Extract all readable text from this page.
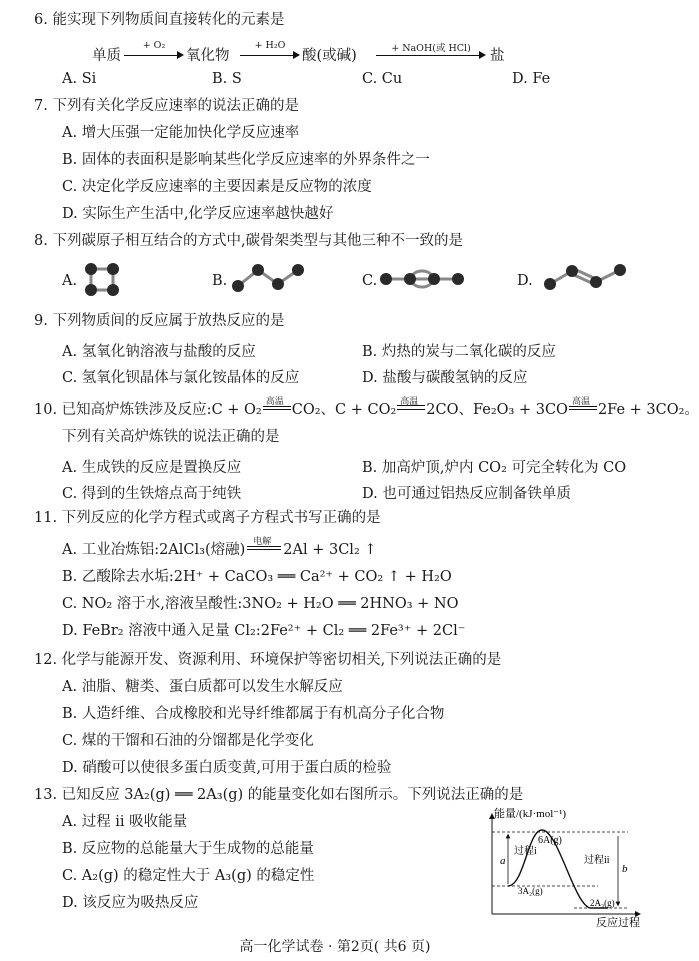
6. 能实现下列物质间直接转化的元素是
单质
+ O₂
氧化物
+ H₂O
酸(或碱)	+ NaOH(或 HCl)	盐
A. Si	B. S	C. Cu	D. Fe
7. 下列有关化学反应速率的说法正确的是
A. 增大压强一定能加快化学反应速率
B. 固体的表面积是影响某些化学反应速率的外界条件之一
C. 决定化学反应速率的主要因素是反应物的浓度
D. 实际生产生活中,化学反应速率越快越好
8. 下列碳原子相互结合的方式中,碳骨架类型与其他三种不一致的是
A.	B.	C.	D.
9. 下列物质间的反应属于放热反应的是
A. 氢氧化钠溶液与盐酸的反应	B. 灼热的炭与二氧化碳的反应
C. 氢氧化钡晶体与氯化铵晶体的反应	D. 盐酸与碳酸氢钠的反应
10. 已知高炉炼铁涉及反应:C + O₂ 高温 CO₂、C + CO₂ 高温 2CO、Fe₂O₃ + 3CO 高温 2Fe + 3CO₂。
下列有关高炉炼铁的说法正确的是
A. 生成铁的反应是置换反应	B. 加高炉顶,炉内 CO₂ 可完全转化为 CO
C. 得到的生铁熔点高于纯铁	D. 也可通过铝热反应制备铁单质
11. 下列反应的化学方程式或离子方程式书写正确的是
A. 工业冶炼铝:2AlCl₃(熔融) 电解 2Al + 3Cl₂ ↑
B. 乙酸除去水垢:2H⁺ + CaCO₃ ══ Ca²⁺ + CO₂ ↑ + H₂O
C. NO₂ 溶于水,溶液呈酸性:3NO₂ + H₂O ══ 2HNO₃ + NO
D. FeBr₂ 溶液中通入足量 Cl₂:2Fe²⁺ + Cl₂ ══ 2Fe³⁺ + 2Cl⁻
12. 化学与能源开发、资源利用、环境保护等密切相关,下列说法正确的是
A. 油脂、糖类、蛋白质都可以发生水解反应
B. 人造纤维、合成橡胶和光导纤维都属于有机高分子化合物
C. 煤的干馏和石油的分馏都是化学变化
D. 硝酸可以使很多蛋白质变黄,可用于蛋白质的检验
13. 已知反应 3A₂(g) ══ 2A₃(g) 的能量变化如右图所示。下列说法正确的是
A. 过程 ii 吸收能量
B. 反应物的总能量大于生成物的总能量
C. A₂(g) 的稳定性大于 A₃(g) 的稳定性
D. 该反应为吸热反应
能量/(kJ·mol⁻¹)
6A(g)
过程i
过程ii
a
b
3A₂(g)
2A₃(g)
反应过程
高一化学试卷 · 第2页( 共6 页)
